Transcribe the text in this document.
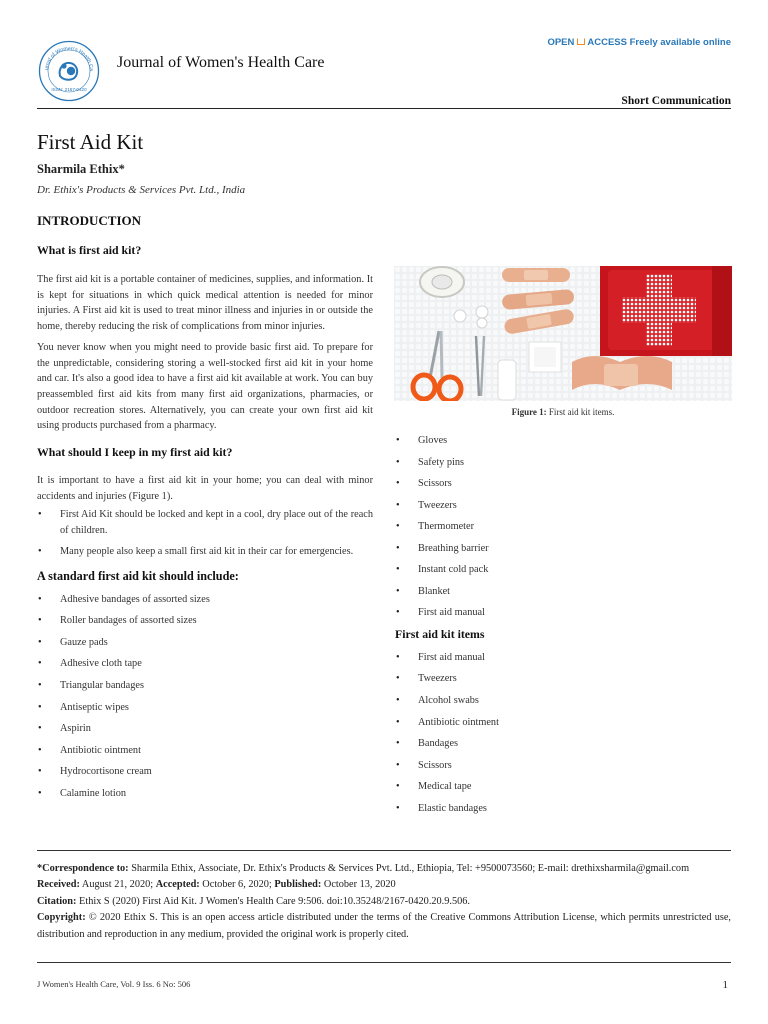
urnal of Women's Health Ca
ISSN: 2167-0420
Journal of Women's Health Care
OPEN ACCESS Freely available online
Short Communication
First Aid Kit
Sharmila Ethix*
Dr. Ethix's Products & Services Pvt. Ltd., India
INTRODUCTION
What is first aid kit?

The first aid kit is a portable container of medicines, supplies, and information. It is kept for situations in which quick medical attention is needed for minor injuries. A First aid kit is used to treat minor illness and injuries in or outside the home, thereby reducing the risk of complications from minor injuries.

You never know when you might need to provide basic first aid. To prepare for the unpredictable, considering storing a well-stocked first aid kit in your home and car. It's also a good idea to have a first aid kit available at work. You can buy preassembled first aid kits from many first aid organizations, pharmacies, or outdoor recreation stores. Alternatively, you can create your own first aid kit using products purchased from a pharmacy.

What should I keep in my first aid kit?

It is important to have a first aid kit in your home; you can deal with minor accidents and injuries (Figure 1).

• First Aid Kit should be locked and kept in a cool, dry place out of the reach of children.
• Many people also keep a small first aid kit in their car for emergencies.
A standard first aid kit should include:
• Adhesive bandages of assorted sizes
• Roller bandages of assorted sizes
• Gauze pads
• Adhesive cloth tape
• Triangular bandages
• Antiseptic wipes
• Aspirin
• Antibiotic ointment
• Hydrocortisone cream
• Calamine lotion
Figure 1: First aid kit items.
• Gloves
• Safety pins
• Scissors
• Tweezers
• Thermometer
• Breathing barrier
• Instant cold pack
• Blanket
• First aid manual
First aid kit items
• First aid manual
• Tweezers
• Alcohol swabs
• Antibiotic ointment
• Bandages
• Scissors
• Medical tape
• Elastic bandages

*Correspondence to: Sharmila Ethix, Associate, Dr. Ethix's Products & Services Pvt. Ltd., Ethiopia, Tel: +9500073560; E-mail: drethixsharmila@gmail.com

Received: August 21, 2020; Accepted: October 6, 2020; Published: October 13, 2020

Citation: Ethix S (2020) First Aid Kit. J Women's Health Care 9:506. doi:10.35248/2167-0420.20.9.506.

Copyright: © 2020 Ethix S. This is an open access article distributed under the terms of the Creative Commons Attribution License, which permits unrestricted use, distribution and reproduction in any medium, provided the original work is properly cited.

J Women's Health Care, Vol. 9 Iss. 6 No: 506	1
